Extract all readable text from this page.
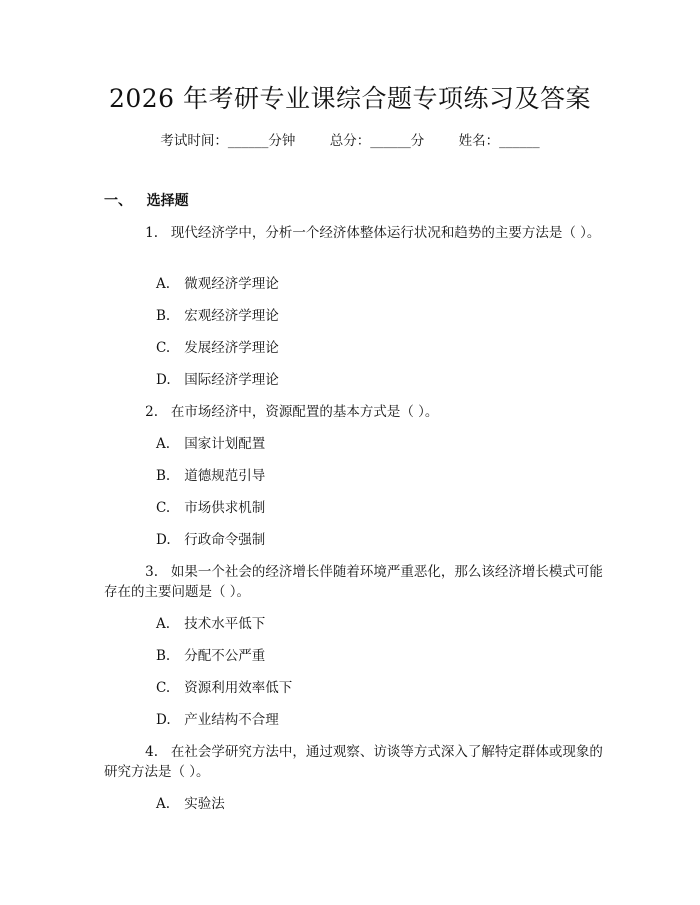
2026 年考研专业课综合题专项练习及答案
考试时间：______分钟	总分：______分	姓名：______
一、 选择题
1. 现代经济学中，分析一个经济体整体运行状况和趋势的主要方法是（ ）。
A. 微观经济学理论
B. 宏观经济学理论
C. 发展经济学理论
D. 国际经济学理论
2. 在市场经济中，资源配置的基本方式是（ ）。
A. 国家计划配置
B. 道德规范引导
C. 市场供求机制
D. 行政命令强制
3. 如果一个社会的经济增长伴随着环境严重恶化，那么该经济增长模式可能存在的主要问题是（ ）。
A. 技术水平低下
B. 分配不公严重
C. 资源利用效率低下
D. 产业结构不合理
4. 在社会学研究方法中，通过观察、访谈等方式深入了解特定群体或现象的研究方法是（ ）。
A. 实验法
